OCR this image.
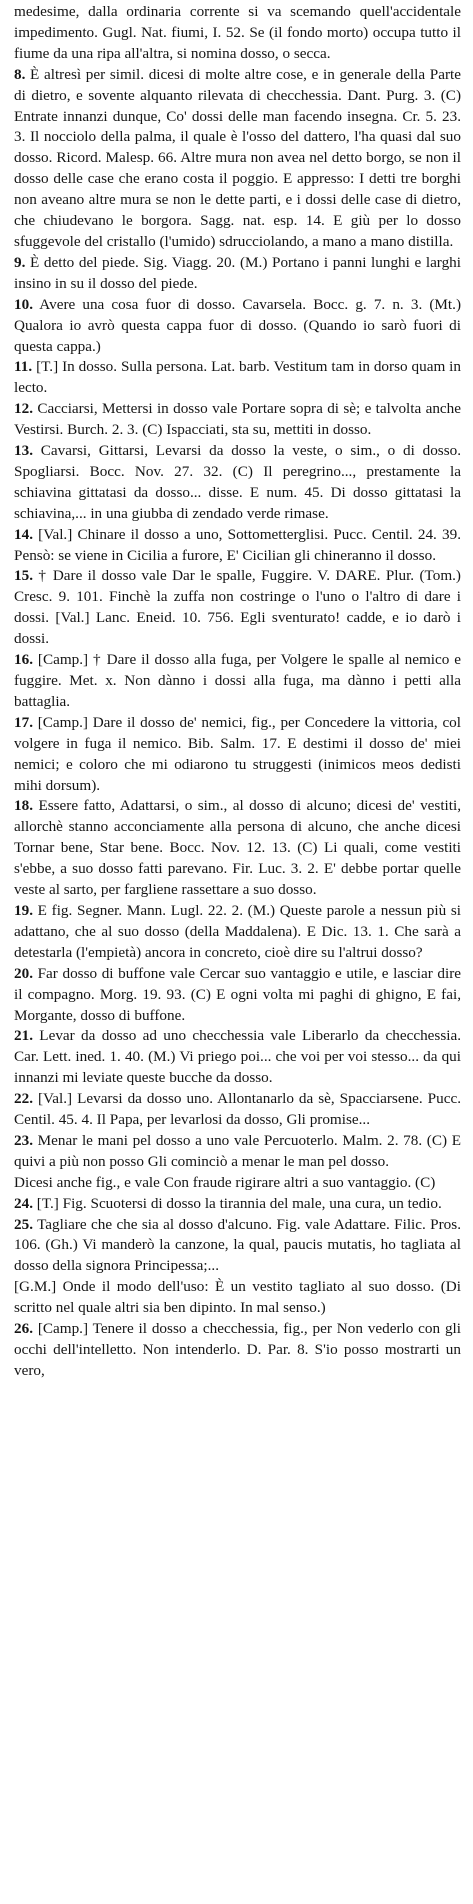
medesime, dalla ordinaria corrente si va scemando quell'accidentale impedimento. Gugl. Nat. fiumi, I. 52. Se (il fondo morto) occupa tutto il fiume da una ripa all'altra, si nomina dosso, o secca.

8. È altresì per simil. dicesi di molte altre cose, e in generale della Parte di dietro, e sovente alquanto rilevata di checchessia. Dant. Purg. 3. (C) Entrate innanzi dunque, Co' dossi delle man facendo insegna. Cr. 5. 23. 3. Il nocciolo della palma, il quale è l'osso del dattero, l'ha quasi dal suo dosso. Ricord. Malesp. 66. Altre mura non avea nel detto borgo, se non il dosso delle case che erano costa il poggio. E appresso: I detti tre borghi non aveano altre mura se non le dette parti, e i dossi delle case di dietro, che chiudevano le borgora. Sagg. nat. esp. 14. E giù per lo dosso sfuggevole del cristallo (l'umido) sdrucciolando, a mano a mano distilla.

9. È detto del piede. Sig. Viagg. 20. (M.) Portano i panni lunghi e larghi insino in su il dosso del piede.

10. Avere una cosa fuor di dosso. Cavarsela. Bocc. g. 7. n. 3. (Mt.) Qualora io avrò questa cappa fuor di dosso. (Quando io sarò fuori di questa cappa.)

11. [T.] In dosso. Sulla persona. Lat. barb. Vestitum tam in dorso quam in lecto.

12. Cacciarsi, Mettersi in dosso vale Portare sopra di sè; e talvolta anche Vestirsi. Burch. 2. 3. (C) Ispacciati, sta su, mettiti in dosso.

13. Cavarsi, Gittarsi, Levarsi da dosso la veste, o sim., o di dosso. Spogliarsi. Bocc. Nov. 27. 32. (C) Il peregrino..., prestamente la schiavina gittatasi da dosso... disse. E num. 45. Di dosso gittatasi la schiavina,... in una giubba di zendado verde rimase.

14. [Val.] Chinare il dosso a uno, Sottometterglisi. Pucc. Centil. 24. 39. Pensò: se viene in Cicilia a furore, E' Cicilian gli chineranno il dosso.

15. † Dare il dosso vale Dar le spalle, Fuggire. V. DARE. Plur. (Tom.) Cresc. 9. 101. Finchè la zuffa non costringe o l'uno o l'altro di dare i dossi. [Val.] Lanc. Eneid. 10. 756. Egli sventurato! cadde, e io darò i dossi.

16. [Camp.] † Dare il dosso alla fuga, per Volgere le spalle al nemico e fuggire. Met. x. Non dànno i dossi alla fuga, ma dànno i petti alla battaglia.

17. [Camp.] Dare il dosso de' nemici, fig., per Concedere la vittoria, col volgere in fuga il nemico. Bib. Salm. 17. E destimi il dosso de' miei nemici; e coloro che mi odiarono tu struggesti (inimicos meos dedisti mihi dorsum).

18. Essere fatto, Adattarsi, o sim., al dosso di alcuno; dicesi de' vestiti, allorchè stanno acconciamente alla persona di alcuno, che anche dicesi Tornar bene, Star bene. Bocc. Nov. 12. 13. (C) Li quali, come vestiti s'ebbe, a suo dosso fatti parevano. Fir. Luc. 3. 2. E' debbe portar quelle veste al sarto, per fargliene rassettare a suo dosso.

19. E fig. Segner. Mann. Lugl. 22. 2. (M.) Queste parole a nessun più si adattano, che al suo dosso (della Maddalena). E Dic. 13. 1. Che sarà a detestarla (l'empietà) ancora in concreto, cioè dire su l'altrui dosso?

20. Far dosso di buffone vale Cercar suo vantaggio e utile, e lasciar dire il compagno. Morg. 19. 93. (C) E ogni volta mi paghi di ghigno, E fai, Morgante, dosso di buffone.

21. Levar da dosso ad uno checchessia vale Liberarlo da checchessia. Car. Lett. ined. 1. 40. (M.) Vi priego poi... che voi per voi stesso... da qui innanzi mi leviate queste bucche da dosso.

22. [Val.] Levarsi da dosso uno. Allontanarlo da sè, Spacciarsene. Pucc. Centil. 45. 4. Il Papa, per levarlosi da dosso, Gli promise...

23. Menar le mani pel dosso a uno vale Percuoterlo. Malm. 2. 78. (C) E quivi a più non posso Gli cominciò a menar le man pel dosso.

Dicesi anche fig., e vale Con fraude rigirare altri a suo vantaggio. (C)

24. [T.] Fig. Scuotersi di dosso la tirannia del male, una cura, un tedio.

25. Tagliare che che sia al dosso d'alcuno. Fig. vale Adattare. Filic. Pros. 106. (Gh.) Vi manderò la canzone, la qual, paucis mutatis, ho tagliata al dosso della signora Principessa;...

[G.M.] Onde il modo dell'uso: È un vestito tagliato al suo dosso. (Di scritto nel quale altri sia ben dipinto. In mal senso.)

26. [Camp.] Tenere il dosso a checchessia, fig., per Non vederlo con gli occhi dell'intelletto. Non intenderlo. D. Par. 8. S'io posso mostrarti un vero,
